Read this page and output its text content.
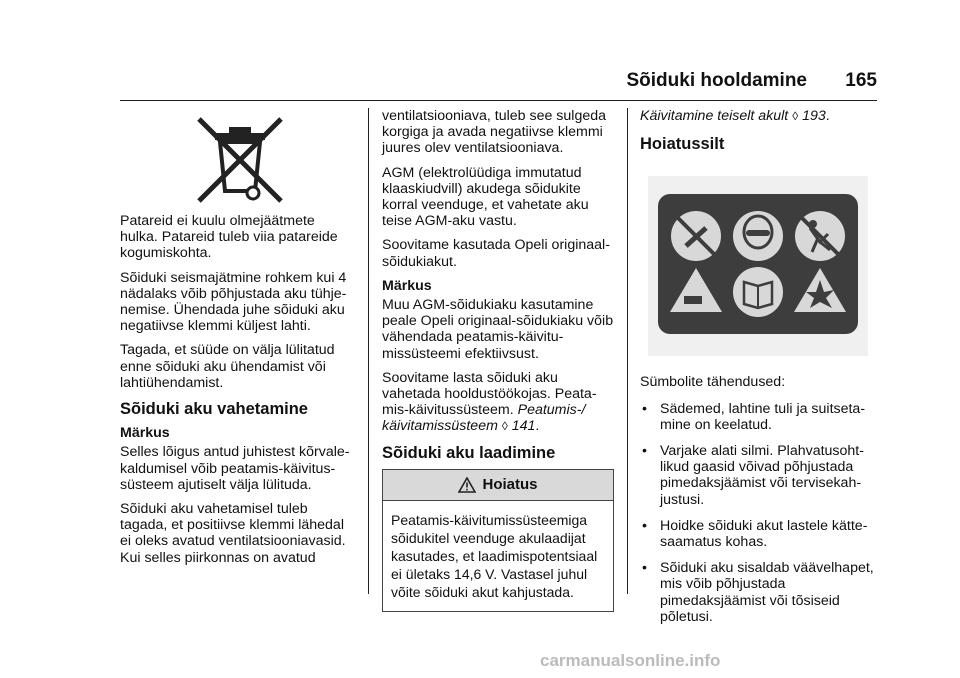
Sõiduki hooldamine 165

Patareid ei kuulu olmejäätmete hulka. Patareid tuleb viia patareide kogumiskohta.

Sõiduki seismajätmine rohkem kui 4 nädalaks võib põhjustada aku tühjenemise. Ühendada juhe sõiduki aku negatiivse klemmi küljest lahti.

Tagada, et süüde on välja lülitatud enne sõiduki aku ühendamist või lahtiühendamist.

Sõiduki aku vahetamine
Märkus

Selles lõigus antud juhistest kõrvalekaldumisel võib peatamis-käivitussüsteem ajutiselt välja lülituda.

Sõiduki aku vahetamisel tuleb tagada, et positiivse klemmi lähedal ei oleks avatud ventilatsiooniavasid. Kui selles piirkonnas on avatud

ventilatsiooniava, tuleb see sulgeda korgiga ja avada negatiivse klemmi juures olev ventilatsiooniava.

AGM (elektrolüüdiga immutatud klaaskiudvill) akudega sõidukite korral veenduge, et vahetate aku teise AGM-aku vastu.

Soovitame kasutada Opeli originaal-sõidukiakut.

Märkus

Muu AGM-sõidukiaku kasutamine peale Opeli originaal-sõidukiaku võib vähendada peatamis-käivitumissüsteemi efektiivsust.

Soovitame lasta sõiduki aku vahetada hooldustöökojas. Peatamis-käivitussüsteem. Peatumis-/ käivitamissüsteem ◊ 141.

Sõiduki aku laadimine
Hoiatus
Peatamis-käivitumissüsteemiga sõidukitel veenduge akulaadijat kasutades, et laadimispotentsiaal ei ületaks 14,6 V. Vastasel juhul võite sõiduki akut kahjustada.

Käivitamine teiselt akult ◊ 193.

Hoiatussilt

Sümbolite tähendused:

• Sädemed, lahtine tuli ja suitsetamine on keelatud.
• Varjake alati silmi. Plahvatusohtlikud gaasid võivad põhjustada pimedaksjäämist või tervisekahjustusi.
• Hoidke sõiduki akut lastele kättesaamatus kohas.
• Sõiduki aku sisaldab väävelhapet, mis võib põhjustada pimedaksjäämist või tõsiseid põletusi.
carmanualsonline.info
